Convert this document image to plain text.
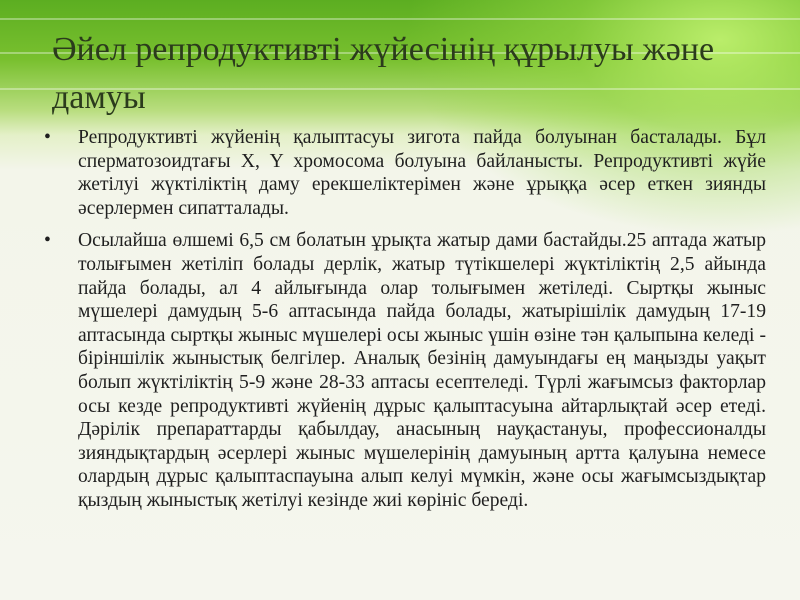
Әйел репродуктивті жүйесінің құрылуы және дамуы
•	Репродуктивті жүйенің қалыптасуы зигота пайда болуынан басталады. Бұл сперматозоидтағы X, Y хромосома болуына байланысты. Репродуктивті жүйе жетілуі жүктіліктің даму ерекшеліктерімен және ұрыққа әсер еткен зиянды әсерлермен сипатталады.
•	Осылайша өлшемі 6,5 см болатын ұрықта жатыр дами бастайды.25 аптада жатыр толығымен жетіліп болады дерлік, жатыр түтікшелері жүктіліктің 2,5 айында пайда болады, ал 4 айлығында олар толығымен жетіледі. Сыртқы жыныс мүшелері дамудың 5-6 аптасында пайда болады, жатырішілік дамудың 17-19 аптасында сыртқы жыныс мүшелері осы жыныс үшін өзіне тән қалыпына келеді - біріншілік жыныстық белгілер. Аналық безінің дамуындағы ең маңызды уақыт болып жүктіліктің 5-9 және 28-33 аптасы есептеледі. Түрлі жағымсыз факторлар осы кезде репродуктивті жүйенің дұрыс қалыптасуына айтарлықтай әсер етеді. Дәрілік препараттарды қабылдау, анасының науқастануы, профессионалды зияндықтардың әсерлері жыныс мүшелерінің дамуының артта қалуына немесе олардың дұрыс қалыптаспауына алып келуі мүмкін, және осы жағымсыздықтар қыздың жыныстық жетілуі кезінде жиі көрініс береді.
